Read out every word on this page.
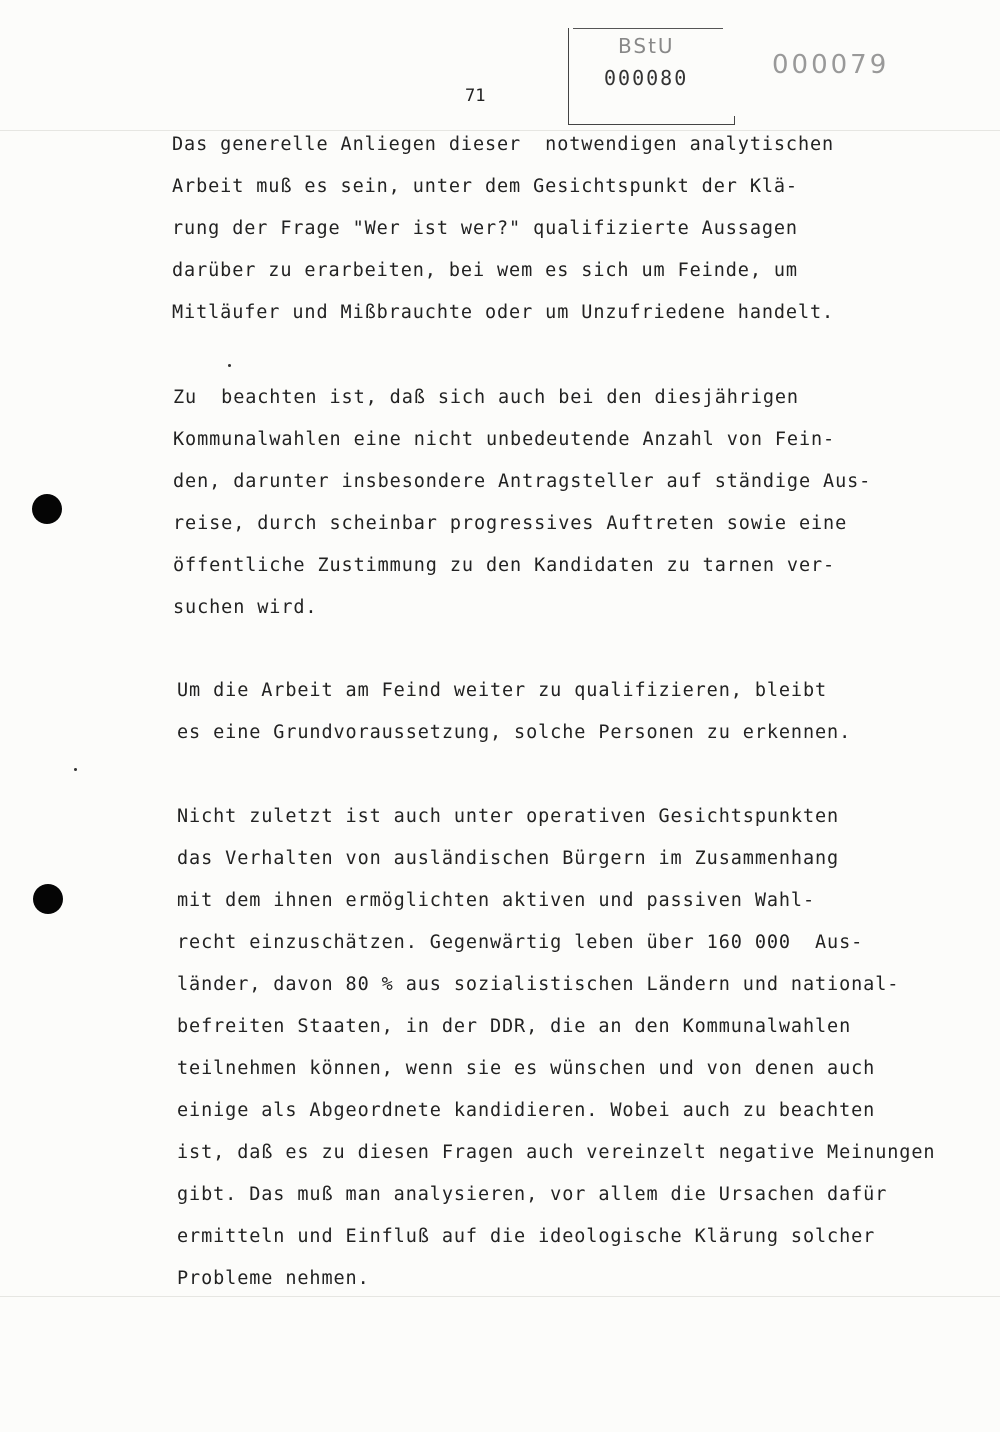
BStU
000080	000079
71
Das generelle Anliegen dieser  notwendigen analytischen
Arbeit muß es sein, unter dem Gesichtspunkt der Klä-
rung der Frage "Wer ist wer?" qualifizierte Aussagen
darüber zu erarbeiten, bei wem es sich um Feinde, um
Mitläufer und Mißbrauchte oder um Unzufriedene handelt.
Zu  beachten ist, daß sich auch bei den diesjährigen
Kommunalwahlen eine nicht unbedeutende Anzahl von Fein-
den, darunter insbesondere Antragsteller auf ständige Aus-
reise, durch scheinbar progressives Auftreten sowie eine
öffentliche Zustimmung zu den Kandidaten zu tarnen ver-
suchen wird.
Um die Arbeit am Feind weiter zu qualifizieren, bleibt
es eine Grundvoraussetzung, solche Personen zu erkennen.
Nicht zuletzt ist auch unter operativen Gesichtspunkten
das Verhalten von ausländischen Bürgern im Zusammenhang
mit dem ihnen ermöglichten aktiven und passiven Wahl-
recht einzuschätzen. Gegenwärtig leben über 160 000  Aus-
länder, davon 80 % aus sozialistischen Ländern und national-
befreiten Staaten, in der DDR, die an den Kommunalwahlen
teilnehmen können, wenn sie es wünschen und von denen auch
einige als Abgeordnete kandidieren. Wobei auch zu beachten
ist, daß es zu diesen Fragen auch vereinzelt negative Meinungen
gibt. Das muß man analysieren, vor allem die Ursachen dafür
ermitteln und Einfluß auf die ideologische Klärung solcher
Probleme nehmen.
